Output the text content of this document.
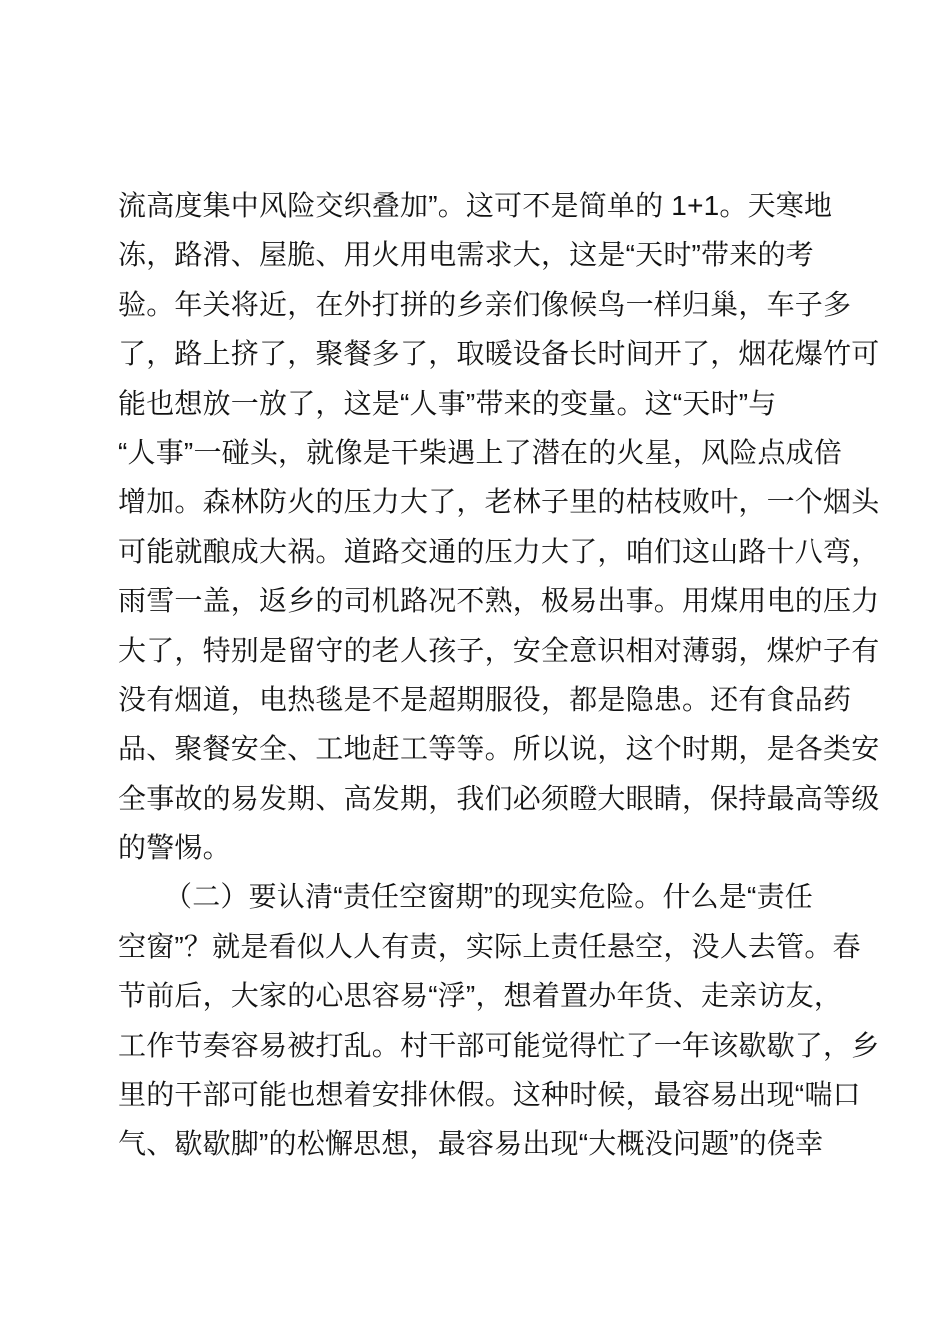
流高度集中风险交织叠加”。这可不是简单的 1+1。天寒地
冻，路滑、屋脆、用火用电需求大，这是“天时”带来的考
验。年关将近，在外打拼的乡亲们像候鸟一样归巢，车子多
了，路上挤了，聚餐多了，取暖设备长时间开了，烟花爆竹可
能也想放一放了，这是“人事”带来的变量。这“天时”与
“人事”一碰头，就像是干柴遇上了潜在的火星，风险点成倍
增加。森林防火的压力大了，老林子里的枯枝败叶，一个烟头
可能就酿成大祸。道路交通的压力大了，咱们这山路十八弯，
雨雪一盖，返乡的司机路况不熟，极易出事。用煤用电的压力
大了，特别是留守的老人孩子，安全意识相对薄弱，煤炉子有
没有烟道，电热毯是不是超期服役，都是隐患。还有食品药
品、聚餐安全、工地赶工等等。所以说，这个时期，是各类安
全事故的易发期、高发期，我们必须瞪大眼睛，保持最高等级
的警惕。
（二）要认清“责任空窗期”的现实危险。什么是“责任
空窗”？就是看似人人有责，实际上责任悬空，没人去管。春
节前后，大家的心思容易“浮”，想着置办年货、走亲访友，
工作节奏容易被打乱。村干部可能觉得忙了一年该歇歇了，乡
里的干部可能也想着安排休假。这种时候，最容易出现“喘口
气、歇歇脚”的松懈思想，最容易出现“大概没问题”的侥幸
